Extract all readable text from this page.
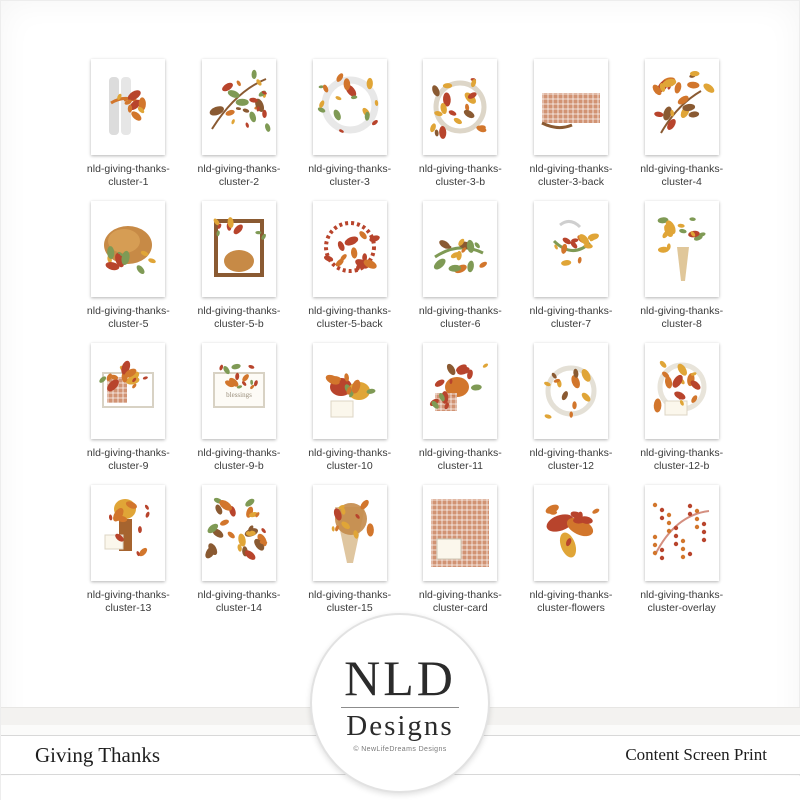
nld-giving-thanks-cluster-1
nld-giving-thanks-cluster-2
nld-giving-thanks-cluster-3
nld-giving-thanks-cluster-3-b
nld-giving-thanks-cluster-3-back
nld-giving-thanks-cluster-4
nld-giving-thanks-cluster-5
nld-giving-thanks-cluster-5-b
nld-giving-thanks-cluster-5-back
nld-giving-thanks-cluster-6
nld-giving-thanks-cluster-7
nld-giving-thanks-cluster-8
nld-giving-thanks-cluster-9
blessings
nld-giving-thanks-cluster-9-b
nld-giving-thanks-cluster-10
nld-giving-thanks-cluster-11
nld-giving-thanks-cluster-12
nld-giving-thanks-cluster-12-b
nld-giving-thanks-cluster-13
nld-giving-thanks-cluster-14
nld-giving-thanks-cluster-15
nld-giving-thanks-cluster-card
nld-giving-thanks-cluster-flowers
nld-giving-thanks-cluster-overlay
NLD
Designs
© NewLifeDreams Designs
Giving Thanks	Content Screen Print
